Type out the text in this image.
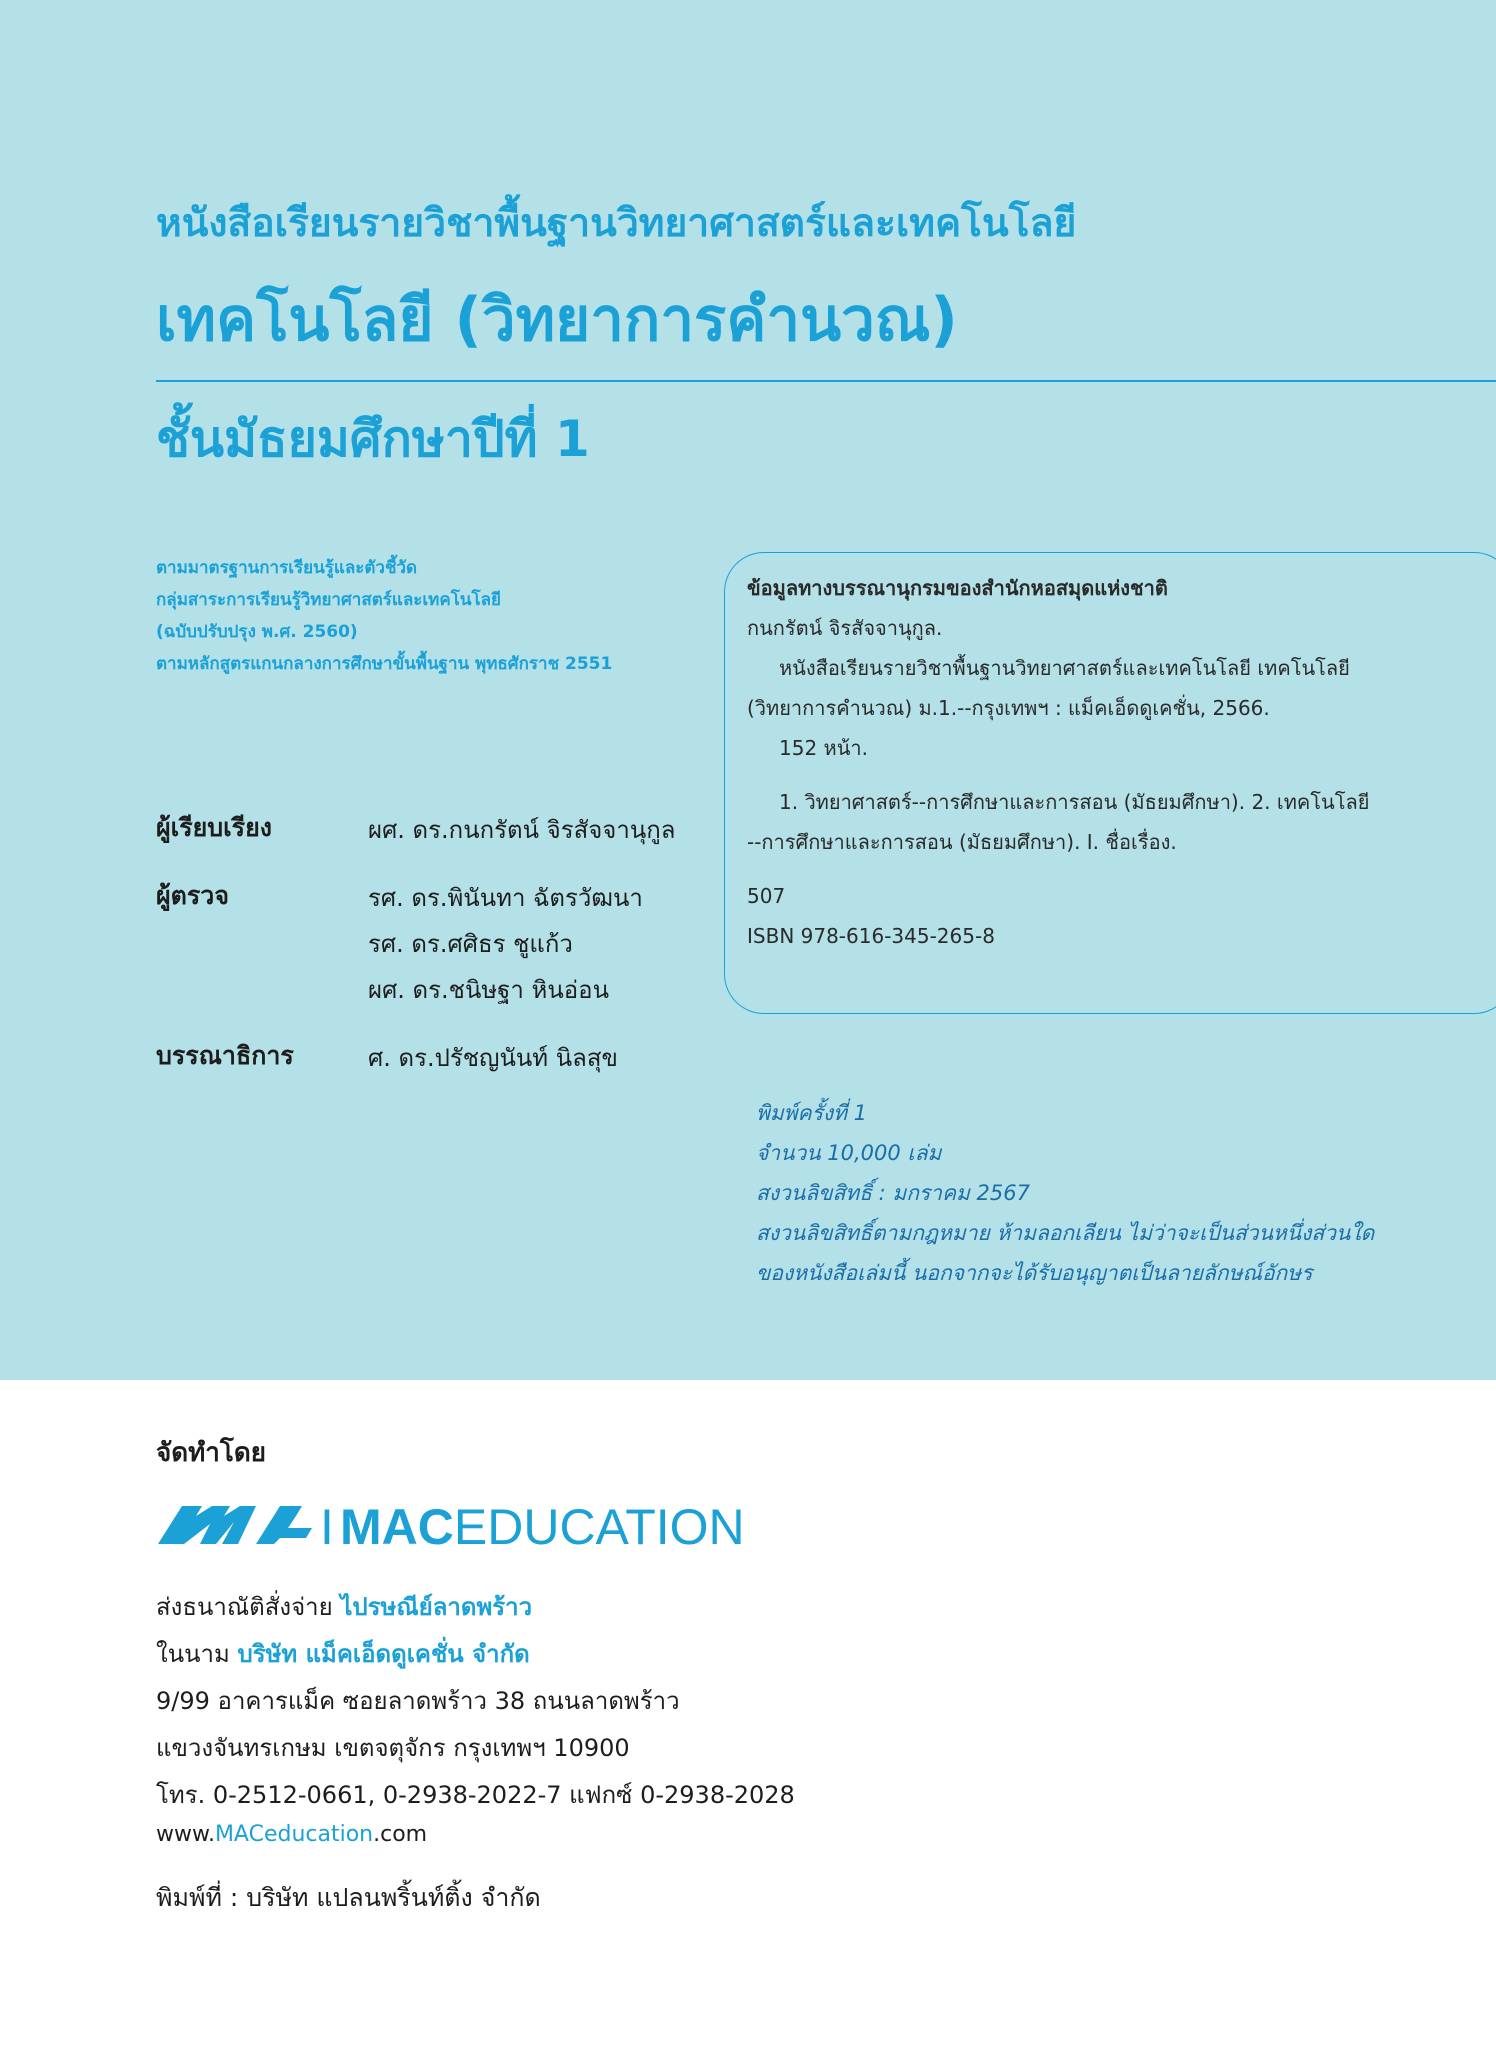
หนังสือเรียนรายวิชาพื้นฐานวิทยาศาสตร์และเทคโนโลยี
เทคโนโลยี (วิทยาการคำนวณ)
ชั้นมัธยมศึกษาปีที่ 1
ตามมาตรฐานการเรียนรู้และตัวชี้วัด
กลุ่มสาระการเรียนรู้วิทยาศาสตร์และเทคโนโลยี
(ฉบับปรับปรุง พ.ศ. 2560)
ตามหลักสูตรแกนกลางการศึกษาขั้นพื้นฐาน พุทธศักราช 2551
ผู้เรียบเรียง	ผศ. ดร.กนกรัตน์ จิรสัจจานุกูล
ผู้ตรวจ	รศ. ดร.พินันทา ฉัตรวัฒนา
รศ. ดร.ศศิธร ชูแก้ว
ผศ. ดร.ชนิษฐา หินอ่อน
บรรณาธิการ	ศ. ดร.ปรัชญนันท์ นิลสุข
ข้อมูลทางบรรณานุกรมของสำนักหอสมุดแห่งชาติ
กนกรัตน์ จิรสัจจานุกูล.
หนังสือเรียนรายวิชาพื้นฐานวิทยาศาสตร์และเทคโนโลยี เทคโนโลยี
(วิทยาการคำนวณ) ม.1.--กรุงเทพฯ : แม็คเอ็ดดูเคชั่น, 2566.
152 หน้า.
1. วิทยาศาสตร์--การศึกษาและการสอน (มัธยมศึกษา). 2. เทคโนโลยี
--การศึกษาและการสอน (มัธยมศึกษา). I. ชื่อเรื่อง.
507
ISBN 978-616-345-265-8
พิมพ์ครั้งที่ 1
จำนวน 10,000 เล่ม
สงวนลิขสิทธิ์ : มกราคม 2567
สงวนลิขสิทธิ์ตามกฎหมาย ห้ามลอกเลียน ไม่ว่าจะเป็นส่วนหนึ่งส่วนใด
ของหนังสือเล่มนี้ นอกจากจะได้รับอนุญาตเป็นลายลักษณ์อักษร
จัดทำโดย
I MACEDUCATION
ส่งธนาณัติสั่งจ่าย ไปรษณีย์ลาดพร้าว
ในนาม บริษัท แม็คเอ็ดดูเคชั่น จำกัด
9/99 อาคารแม็ค ซอยลาดพร้าว 38 ถนนลาดพร้าว
แขวงจันทรเกษม เขตจตุจักร กรุงเทพฯ 10900
โทร. 0-2512-0661, 0-2938-2022-7 แฟกซ์ 0-2938-2028
www.MACeducation.com
พิมพ์ที่ : บริษัท แปลนพริ้นท์ติ้ง จำกัด
